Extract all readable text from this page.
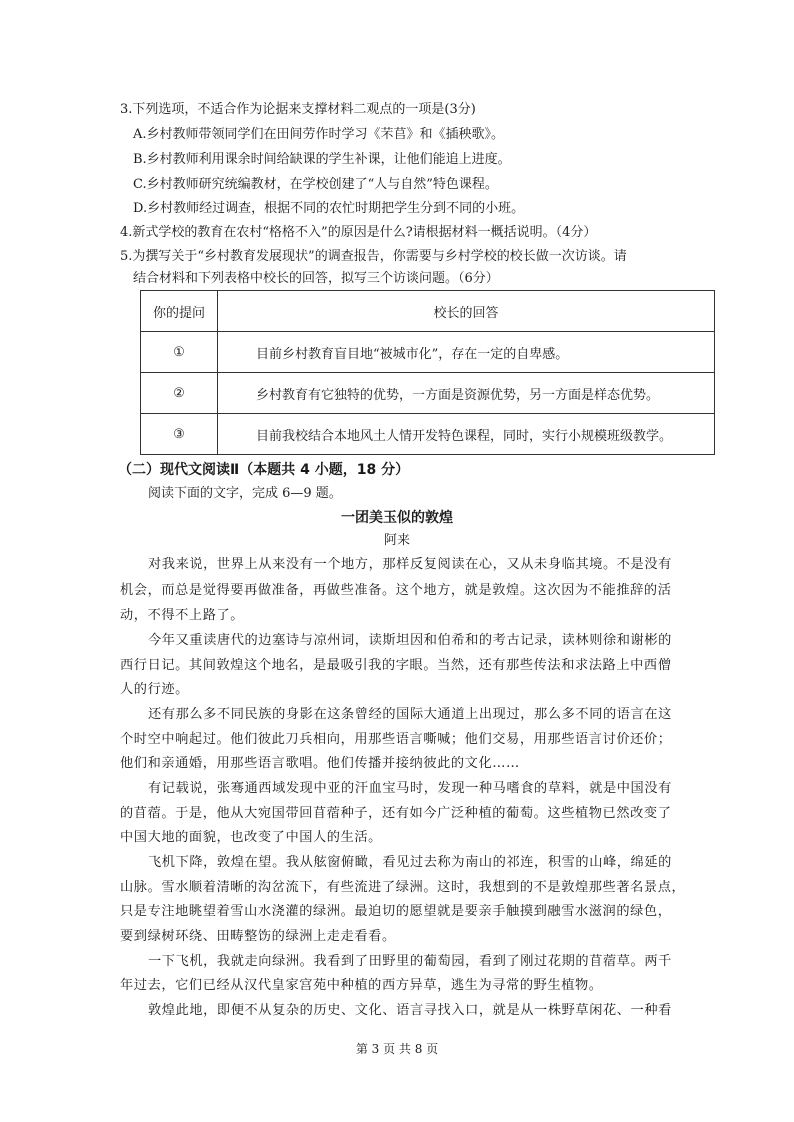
3.下列选项，不适合作为论据来支撑材料二观点的一项是(3分)
A.乡村教师带领同学们在田间劳作时学习《芣苢》和《插秧歌》。
B.乡村教师利用课余时间给缺课的学生补课，让他们能追上进度。
C.乡村教师研究统编教材，在学校创建了“人与自然”特色课程。
D.乡村教师经过调查，根据不同的农忙时期把学生分到不同的小班。
4.新式学校的教育在农村“格格不入”的原因是什么?请根据材料一概括说明。（4分）
5.为撰写关于“乡村教育发展现状”的调查报告，你需要与乡村学校的校长做一次访谈。请
结合材料和下列表格中校长的回答，拟写三个访谈问题。（6分）
你的提问	校长的回答
①	目前乡村教育盲目地“被城市化”，存在一定的自卑感。
②	乡村教育有它独特的优势，一方面是资源优势，另一方面是样态优势。
③	目前我校结合本地风土人情开发特色课程，同时，实行小规模班级教学。
（二）现代文阅读Ⅱ（本题共 4 小题，18 分）
阅读下面的文字，完成 6—9 题。
一团美玉似的敦煌
阿来
对我来说，世界上从来没有一个地方，那样反复阅读在心，又从未身临其境。不是没有
机会，而总是觉得要再做准备，再做些准备。这个地方，就是敦煌。这次因为不能推辞的活
动，不得不上路了。
今年又重读唐代的边塞诗与凉州词，读斯坦因和伯希和的考古记录，读林则徐和谢彬的
西行日记。其间敦煌这个地名，是最吸引我的字眼。当然，还有那些传法和求法路上中西僧
人的行迹。
还有那么多不同民族的身影在这条曾经的国际大通道上出现过，那么多不同的语言在这
个时空中响起过。他们彼此刀兵相向，用那些语言嘶喊；他们交易，用那些语言讨价还价；
他们和亲通婚，用那些语言歌唱。他们传播并接纳彼此的文化……
有记载说，张骞通西域发现中亚的汗血宝马时，发现一种马嗜食的草料，就是中国没有
的苜蓿。于是，他从大宛国带回苜蓿种子，还有如今广泛种植的葡萄。这些植物已然改变了
中国大地的面貌，也改变了中国人的生活。
飞机下降，敦煌在望。我从舷窗俯瞰，看见过去称为南山的祁连，积雪的山峰，绵延的
山脉。雪水顺着清晰的沟岔流下，有些流进了绿洲。这时，我想到的不是敦煌那些著名景点，
只是专注地眺望着雪山水浇灌的绿洲。最迫切的愿望就是要亲手触摸到融雪水滋润的绿色，
要到绿树环绕、田畴整饬的绿洲上走走看看。
一下飞机，我就走向绿洲。我看到了田野里的葡萄园，看到了刚过花期的苜蓿草。两千
年过去，它们已经从汉代皇家宫苑中种植的西方异草，逃生为寻常的野生植物。
敦煌此地，即便不从复杂的历史、文化、语言寻找入口，就是从一株野草闲花、一种看
第 3 页 共 8 页
